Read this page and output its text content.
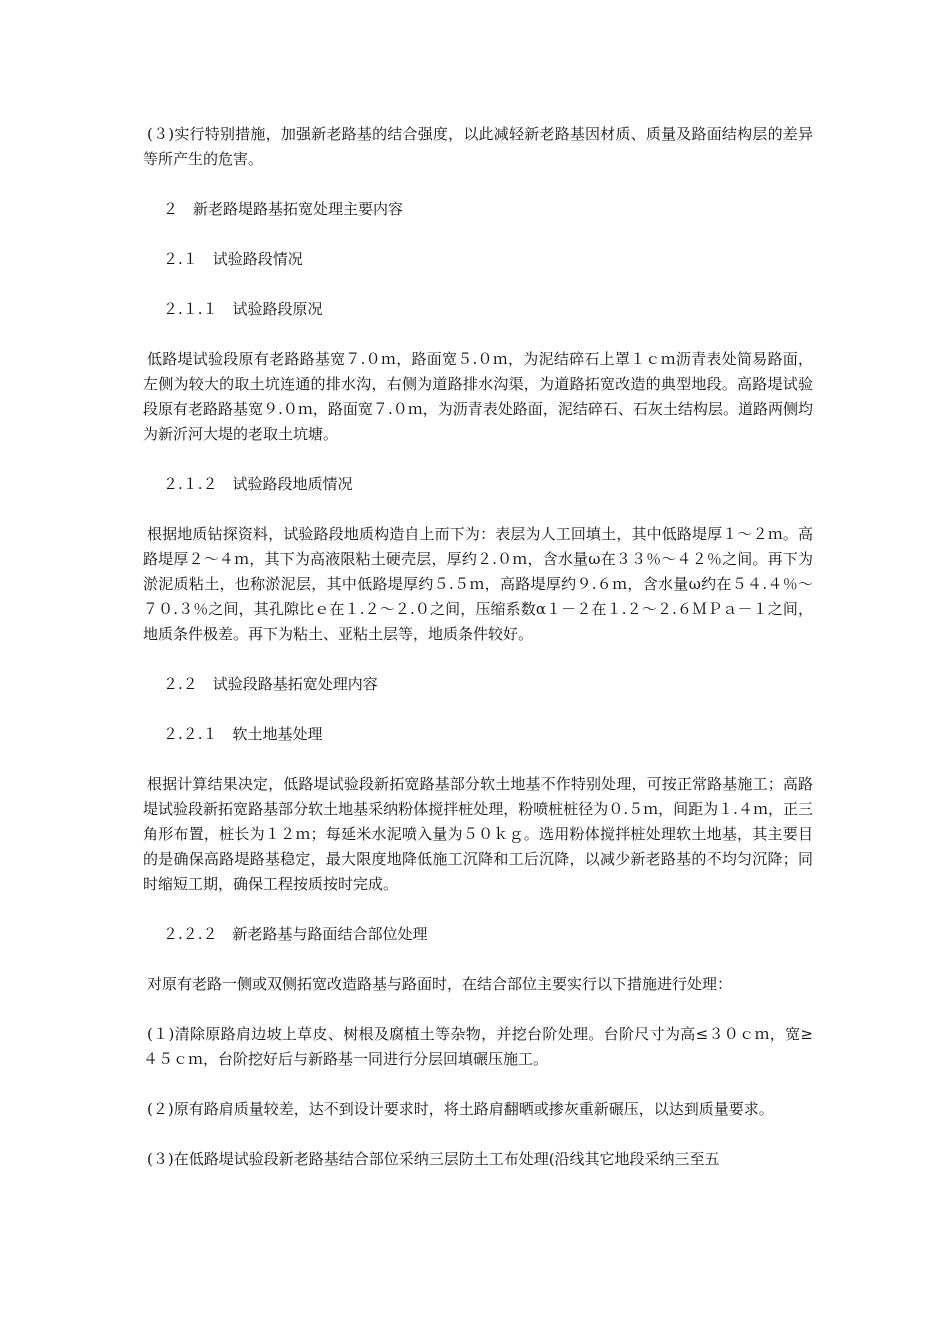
(３)实行特别措施，加强新老路基的结合强度，以此减轻新老路基因材质、质量及路面结构层的差异等所产生的危害。

２　新老路堤路基拓宽处理主要内容

２.１　试验路段情况

２.１.１　试验路段原况

低路堤试验段原有老路路基宽７.０ｍ，路面宽５.０ｍ，为泥结碎石上罩１ｃｍ沥青表处简易路面，左侧为较大的取土坑连通的排水沟，右侧为道路排水沟渠，为道路拓宽改造的典型地段。高路堤试验段原有老路路基宽９.０ｍ，路面宽７.０ｍ，为沥青表处路面，泥结碎石、石灰土结构层。道路两侧均为新沂河大堤的老取土坑塘。

２.１.２　试验路段地质情况

根据地质钻探资料，试验路段地质构造自上而下为：表层为人工回填土，其中低路堤厚１～２ｍ。高路堤厚２～４ｍ，其下为高液限粘土硬壳层，厚约２.０ｍ，含水量ω在３３％～４２％之间。再下为淤泥质粘土，也称淤泥层，其中低路堤厚约５.５ｍ，高路堤厚约９.６ｍ，含水量ω约在５４.４％～７０.３％之间，其孔隙比ｅ在１.２～２.０之间，压缩系数α１－２在１.２～２.６ＭＰａ－１之间，地质条件极差。再下为粘土、亚粘土层等，地质条件较好。

２.２　试验段路基拓宽处理内容

２.２.１　软土地基处理

根据计算结果决定，低路堤试验段新拓宽路基部分软土地基不作特别处理，可按正常路基施工；高路堤试验段新拓宽路基部分软土地基采纳粉体搅拌桩处理，粉喷桩桩径为０.５ｍ，间距为１.４ｍ，正三角形布置，桩长为１２ｍ；每延米水泥喷入量为５０ｋｇ。选用粉体搅拌桩处理软土地基，其主要目的是确保高路堤路基稳定，最大限度地降低施工沉降和工后沉降，以减少新老路基的不均匀沉降；同时缩短工期，确保工程按质按时完成。

２.２.２　新老路基与路面结合部位处理

对原有老路一侧或双侧拓宽改造路基与路面时，在结合部位主要实行以下措施进行处理：

(１)清除原路肩边坡上草皮、树根及腐植土等杂物，并挖台阶处理。台阶尺寸为高≤３０ｃｍ，宽≥４５ｃｍ，台阶挖好后与新路基一同进行分层回填碾压施工。

(２)原有路肩质量较差，达不到设计要求时，将土路肩翻晒或掺灰重新碾压，以达到质量要求。

(３)在低路堤试验段新老路基结合部位采纳三层防土工布处理(沿线其它地段采纳三至五
